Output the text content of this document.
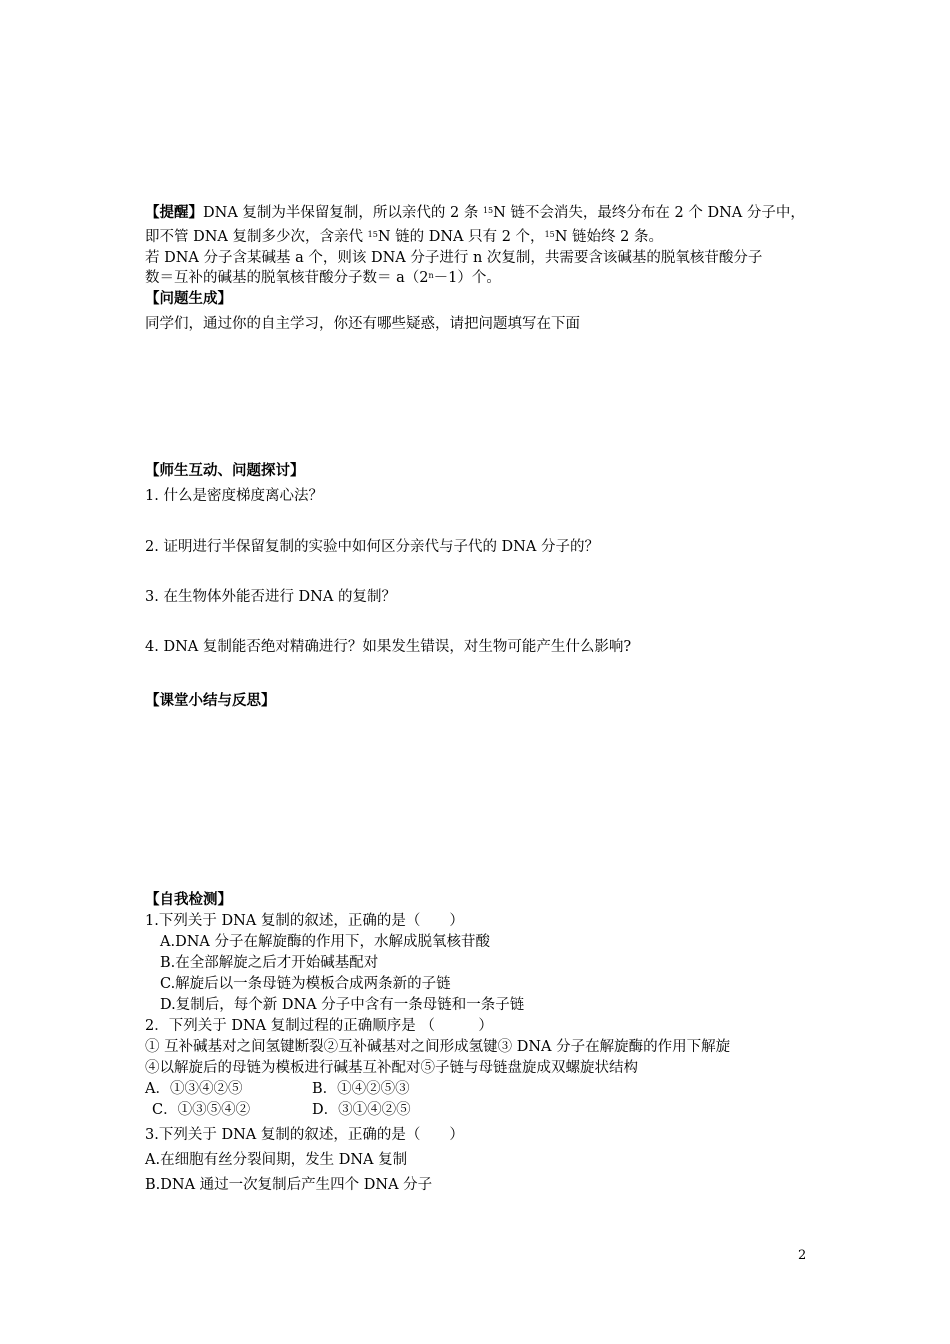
【提醒】DNA 复制为半保留复制，所以亲代的 2 条 $^{15}$N 链不会消失，最终分布在 2 个 DNA 分子中，
即不管 DNA 复制多少次，含亲代 $^{15}$N 链的 DNA 只有 2 个，$^{15}$N 链始终 2 条。
若 DNA 分子含某碱基 a 个，则该 DNA 分子进行 n 次复制，共需要含该碱基的脱氧核苷酸分子
数＝互补的碱基的脱氧核苷酸分子数＝ $a(2^n-1)$个。
【问题生成】
同学们，通过你的自主学习，你还有哪些疑惑，请把问题填写在下面
【师生互动、问题探讨】
1. 什么是密度梯度离心法？
2. 证明进行半保留复制的实验中如何区分亲代与子代的 DNA 分子的？
3. 在生物体外能否进行 DNA 的复制？
4. DNA 复制能否绝对精确进行？如果发生错误，对生物可能产生什么影响?
【课堂小结与反思】
【自我检测】
1.下列关于 DNA 复制的叙述，正确的是（　　）
A.DNA 分子在解旋酶的作用下，水解成脱氧核苷酸
B.在全部解旋之后才开始碱基配对
C.解旋后以一条母链为模板合成两条新的子链
D.复制后，每个新 DNA 分子中含有一条母链和一条子链
2．下列关于 DNA 复制过程的正确顺序是 （　　　）
① 互补碱基对之间氢键断裂②互补碱基对之间形成氢键③ DNA 分子在解旋酶的作用下解旋
④以解旋后的母链为模板进行碱基互补配对⑤子链与母链盘旋成双螺旋状结构
A．①③④②⑤	B．①④②⑤③
C．①③⑤④②	D．③①④②⑤
3.下列关于 DNA 复制的叙述，正确的是（　　）
A.在细胞有丝分裂间期，发生 DNA 复制
B.DNA 通过一次复制后产生四个 DNA 分子
2
